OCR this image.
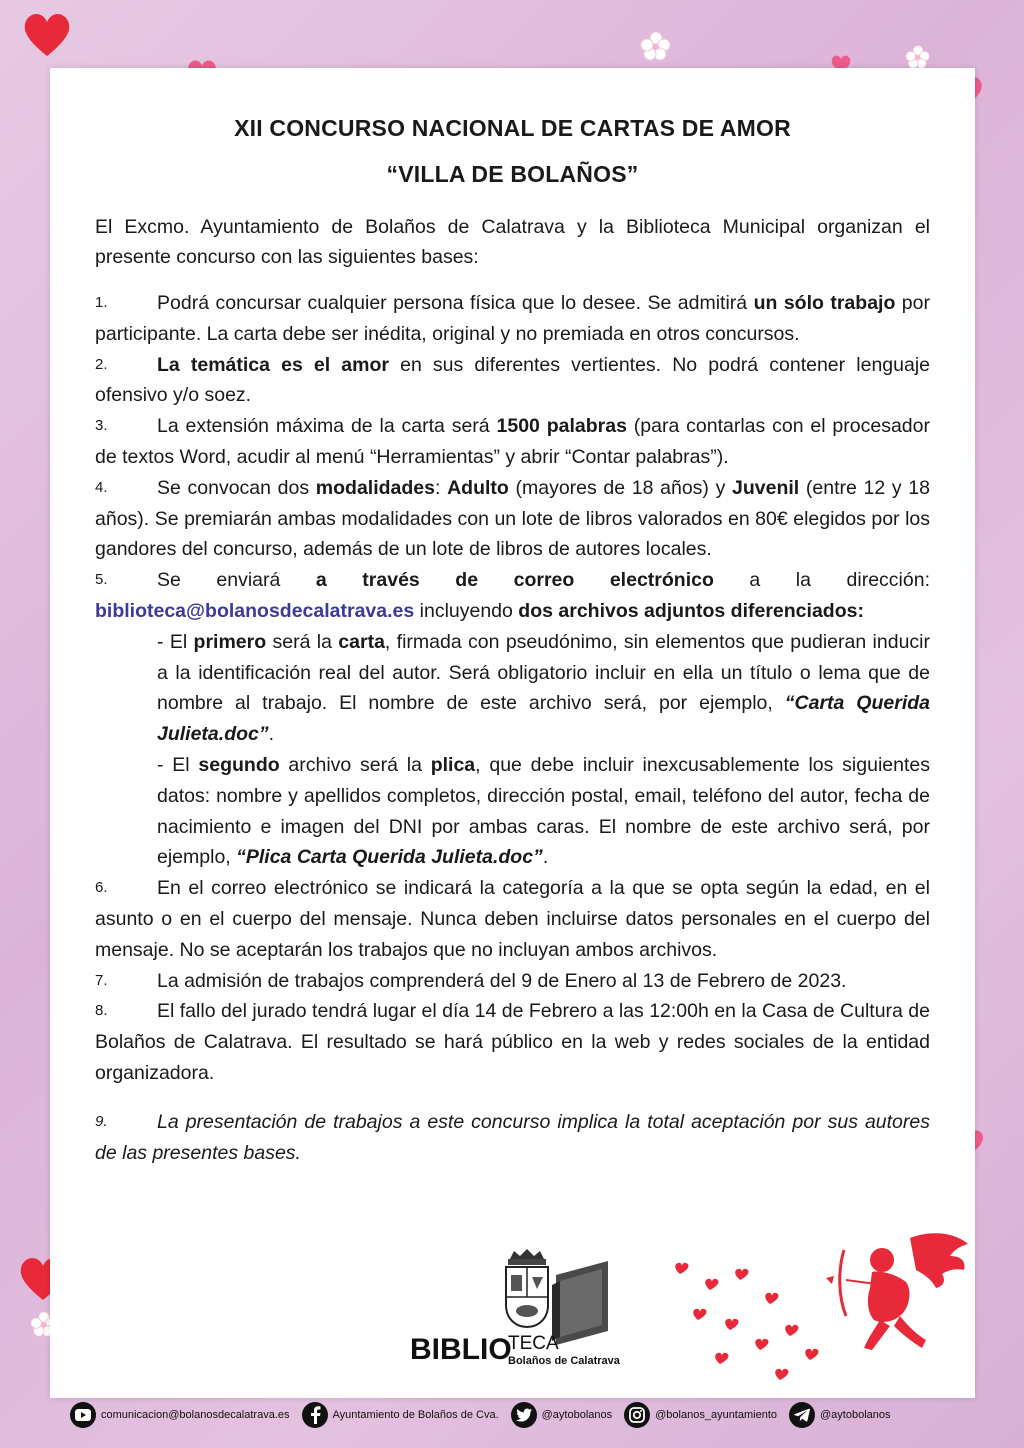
XII CONCURSO NACIONAL DE CARTAS DE AMOR
“VILLA DE BOLAÑOS”
El Excmo. Ayuntamiento de Bolaños de Calatrava y la Biblioteca Municipal organizan el presente concurso con las siguientes bases:
1.	Podrá concursar cualquier persona física que lo desee. Se admitirá un sólo trabajo por participante. La carta debe ser inédita, original y no premiada en otros concursos.
2.	La temática es el amor en sus diferentes vertientes. No podrá contener lenguaje ofensivo y/o soez.
3.	La extensión máxima de la carta será 1500 palabras (para contarlas con el procesador de textos Word, acudir al menú “Herramientas” y abrir “Contar palabras”).
4.	Se convocan dos modalidades: Adulto (mayores de 18 años) y Juvenil (entre 12 y 18 años). Se premiarán ambas modalidades con un lote de libros valorados en 80€ elegidos por los gandores del concurso, además de un lote de libros de autores locales.
5.	Se enviará a través de correo electrónico a la dirección: biblioteca@bolanosdecalatrava.es incluyendo dos archivos adjuntos diferenciados:
- El primero será la carta, firmada con pseudónimo, sin elementos que pudieran inducir a la identificación real del autor. Será obligatorio incluir en ella un título o lema que de nombre al trabajo. El nombre de este archivo será, por ejemplo, “Carta Querida Julieta.doc”.
- El segundo archivo será la plica, que debe incluir inexcusablemente los siguientes datos: nombre y apellidos completos, dirección postal, email, teléfono del autor, fecha de nacimiento e imagen del DNI por ambas caras. El nombre de este archivo será, por ejemplo, “Plica Carta Querida Julieta.doc”.
6.	En el correo electrónico se indicará la categoría a la que se opta según la edad, en el asunto o en el cuerpo del mensaje. Nunca deben incluirse datos personales en el cuerpo del mensaje. No se aceptarán los trabajos que no incluyan ambos archivos.
7.	La admisión de trabajos comprenderá del 9 de Enero al 13 de Febrero de 2023.
8.	El fallo del jurado tendrá lugar el día 14 de Febrero a las 12:00h en la Casa de Cultura de Bolaños de Calatrava. El resultado se hará público en la web y redes sociales de la entidad organizadora.
9.	La presentación de trabajos a este concurso implica la total aceptación por sus autores de las presentes bases.
BIBLIO
TECA
Bolaños de Calatrava
comunicacion@bolanosdecalatrava.es	Ayuntamiento de Bolaños de Cva.	@aytobolanos	@bolanos_ayuntamiento	@aytobolanos
